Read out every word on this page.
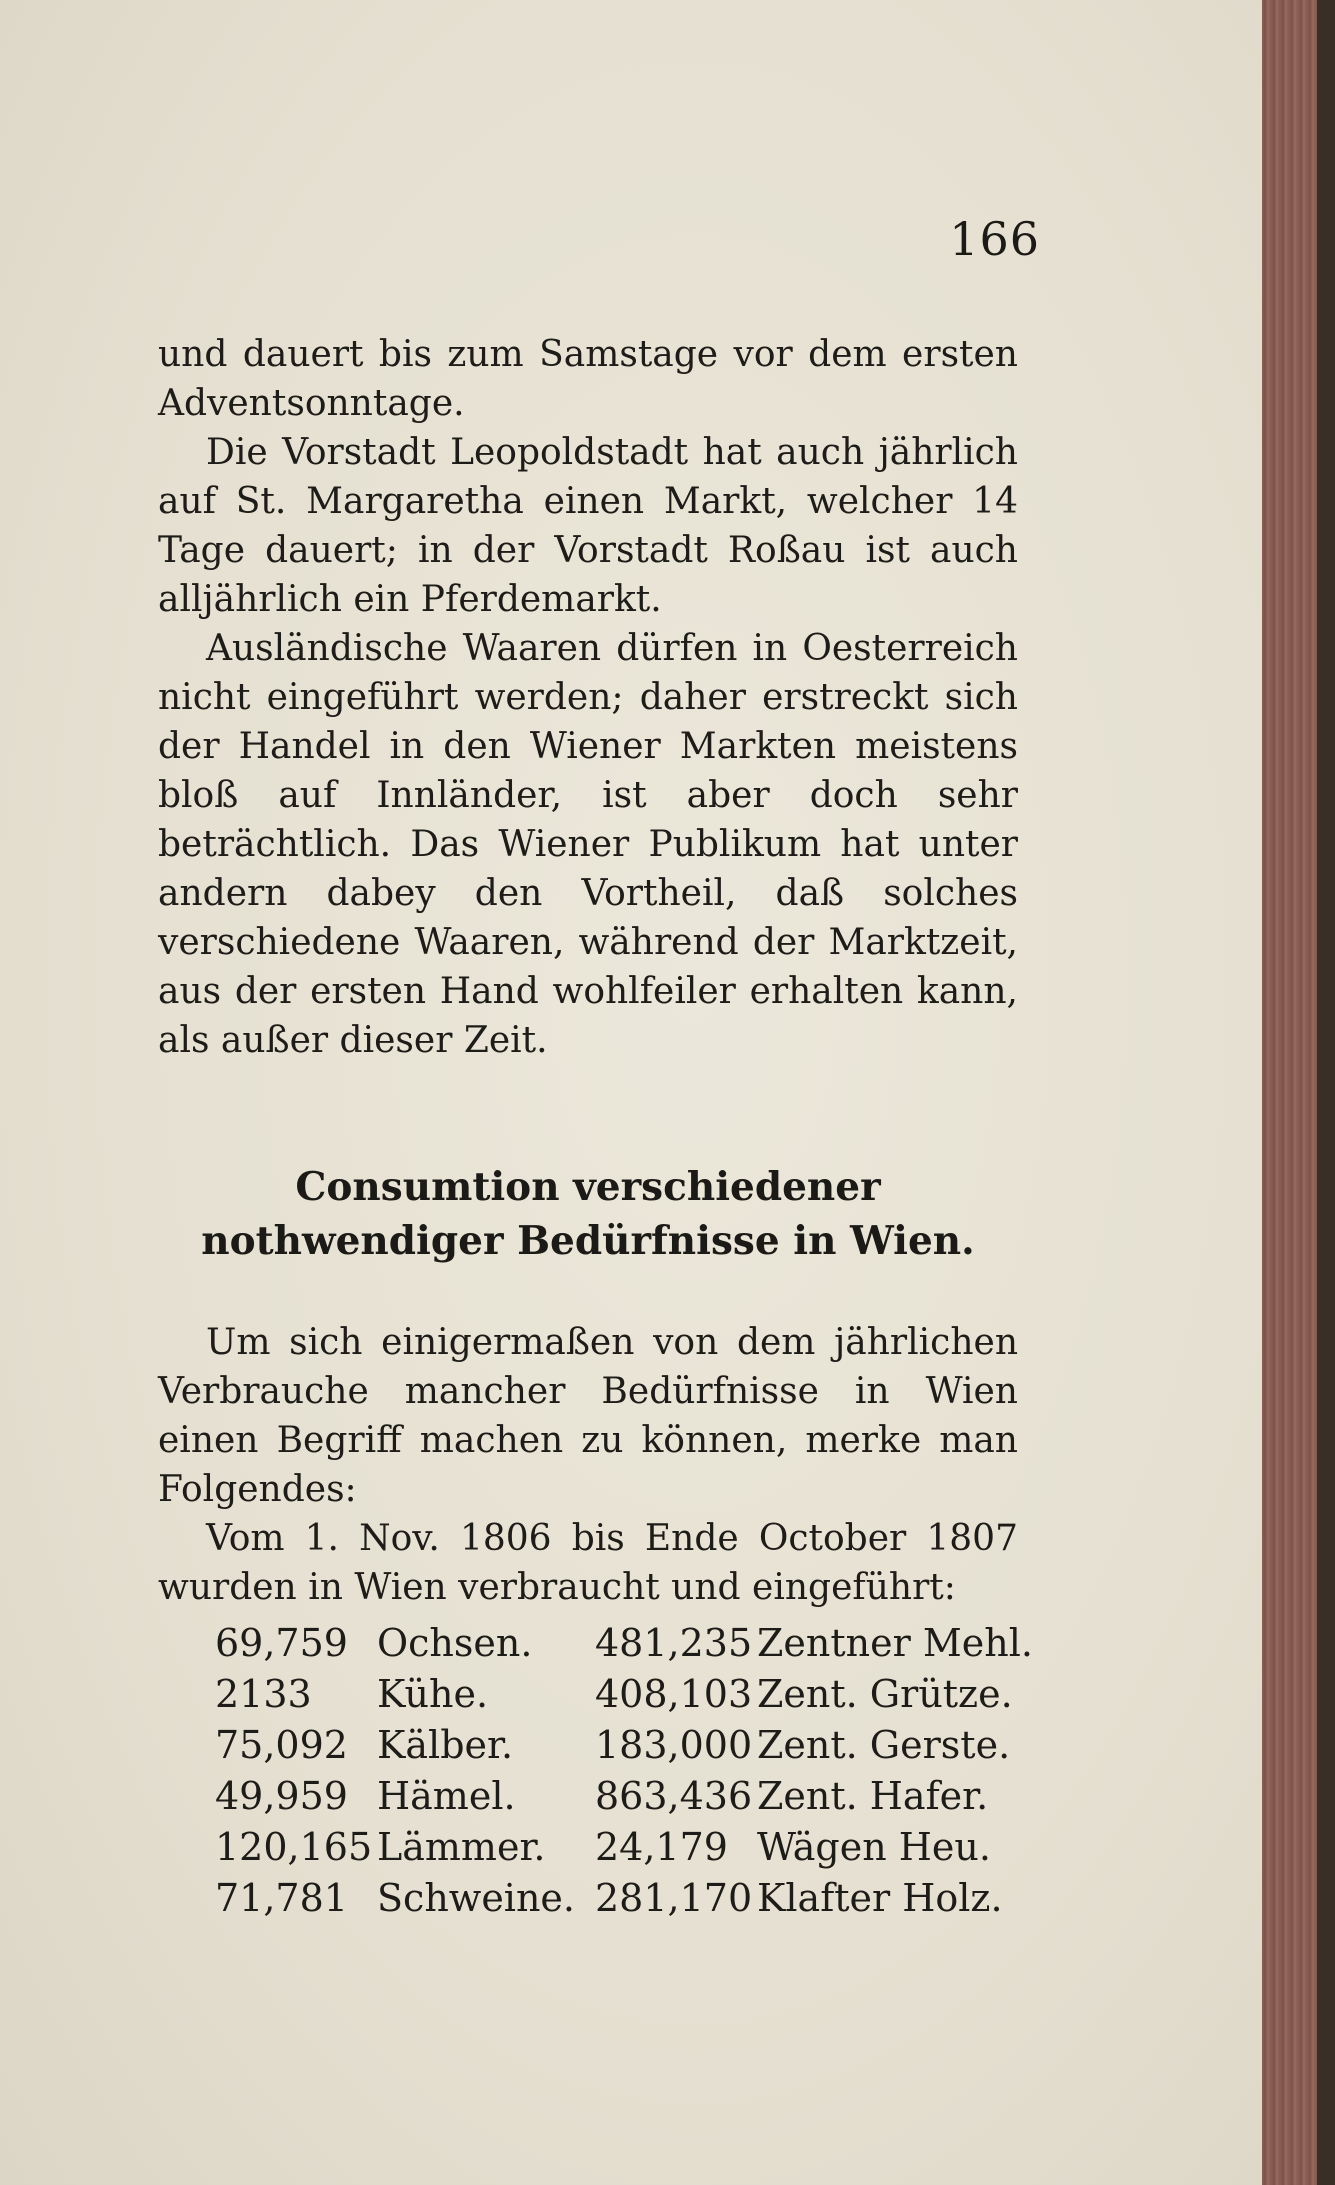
166

und dauert bis zum Samstage vor dem ersten Adventsonntage.

Die Vorstadt Leopoldstadt hat auch jährlich auf St. Margaretha einen Markt, welcher 14 Tage dauert; in der Vorstadt Roßau ist auch alljährlich ein Pferdemarkt.

Ausländische Waaren dürfen in Oesterreich nicht eingeführt werden; daher erstreckt sich der Handel in den Wiener Markten meistens bloß auf Innländer, ist aber doch sehr beträchtlich. Das Wiener Publikum hat unter andern dabey den Vortheil, daß solches verschiedene Waaren, während der Marktzeit, aus der ersten Hand wohlfeiler erhalten kann, als außer dieser Zeit.

Consumtion verschiedener nothwendiger Bedürfnisse in Wien.

Um sich einigermaßen von dem jährlichen Verbrauche mancher Bedürfnisse in Wien einen Begriff machen zu können, merke man Folgendes:

Vom 1. Nov. 1806 bis Ende October 1807 wurden in Wien verbraucht und eingeführt:

69,759 Ochsen. 481,235 Zentner Mehl.
2133	Kühe.	408,103 Zent. Grütze.
75,092 Kälber. 183,000 Zent. Gerste.
49,959 Hämel. 863,436 Zent. Hafer.
120,165 Lämmer. 24,179 Wägen Heu.
71,781 Schweine. 281,170 Klafter Holz.
